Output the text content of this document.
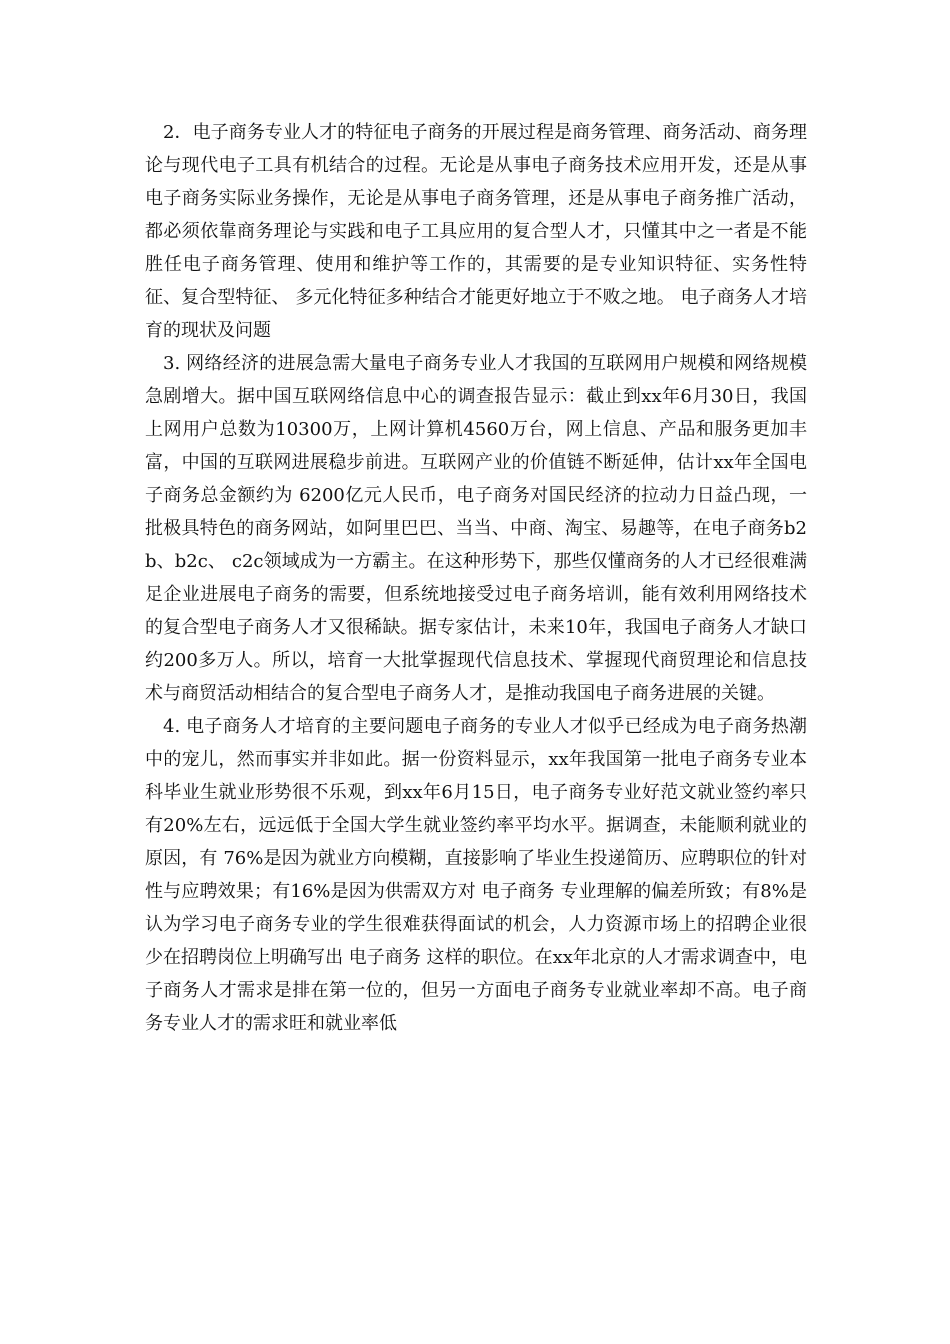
2．电子商务专业人才的特征电子商务的开展过程是商务管理、商务活动、商务理论与现代电子工具有机结合的过程。无论是从事电子商务技术应用开发，还是从事电子商务实际业务操作，无论是从事电子商务管理，还是从事电子商务推广活动，都必须依靠商务理论与实践和电子工具应用的复合型人才，只懂其中之一者是不能胜任电子商务管理、使用和维护等工作的，其需要的是专业知识特征、实务性特征、复合型特征、 多元化特征多种结合才能更好地立于不败之地。 电子商务人才培育的现状及问题

3. 网络经济的进展急需大量电子商务专业人才我国的互联网用户规模和网络规模急剧增大。据中国互联网络信息中心的调查报告显示：截止到xx年6月30日，我国上网用户总数为10300万，上网计算机4560万台，网上信息、产品和服务更加丰富，中国的互联网进展稳步前进。互联网产业的价值链不断延伸，估计xx年全国电子商务总金额约为 6200亿元人民币，电子商务对国民经济的拉动力日益凸现，一批极具特色的商务网站，如阿里巴巴、当当、中商、淘宝、易趣等，在电子商务b2b、b2c、 c2c领域成为一方霸主。在这种形势下，那些仅懂商务的人才已经很难满足企业进展电子商务的需要，但系统地接受过电子商务培训，能有效利用网络技术的复合型电子商务人才又很稀缺。据专家估计，未来10年，我国电子商务人才缺口约200多万人。所以，培育一大批掌握现代信息技术、掌握现代商贸理论和信息技术与商贸活动相结合的复合型电子商务人才，是推动我国电子商务进展的关键。

4. 电子商务人才培育的主要问题电子商务的专业人才似乎已经成为电子商务热潮中的宠儿，然而事实并非如此。据一份资料显示，xx年我国第一批电子商务专业本科毕业生就业形势很不乐观，到xx年6月15日，电子商务专业好范文就业签约率只有20%左右，远远低于全国大学生就业签约率平均水平。据调查，未能顺利就业的原因，有 76%是因为就业方向模糊，直接影响了毕业生投递简历、应聘职位的针对性与应聘效果；有16%是因为供需双方对 电子商务 专业理解的偏差所致；有8%是认为学习电子商务专业的学生很难获得面试的机会，人力资源市场上的招聘企业很少在招聘岗位上明确写出 电子商务 这样的职位。在xx年北京的人才需求调查中，电子商务人才需求是排在第一位的，但另一方面电子商务专业就业率却不高。电子商务专业人才的需求旺和就业率低
